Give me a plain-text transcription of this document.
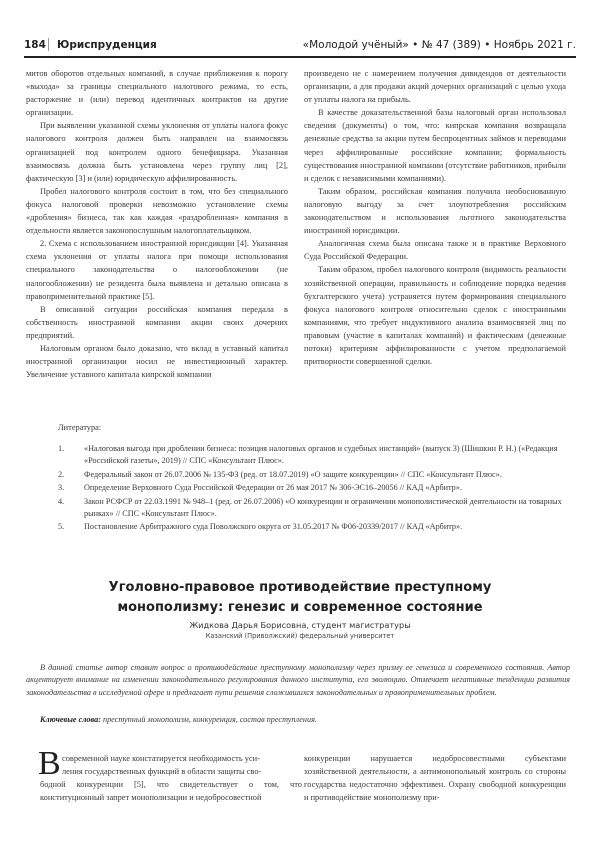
184 Юриспруденция	«Молодой учёный» • № 47 (389) • Ноябрь 2021 г.

митов оборотов отдельных компаний, в случае приближения к порогу «выхода» за границы специального налогового режима, то есть, расторжение и (или) перевод идентичных контрактов на другие организации.

При выявлении указанной схемы уклонения от уплаты налога фокус налогового контроля должен быть направлен на взаимосвязь организацией под контролем одного бенефициара. Указанная взаимосвязь должна быть установлена через группу лиц [2], фактическую [3] и (или) юридическую аффилированность.

Пробел налогового контроля состоит в том, что без специального фокуса налоговой проверки невозможно установление схемы «дробления» бизнеса, так как каждая «раздробленная» компания в отдельности является законопослушным налогоплательщиком.

2. Схема с использованием иностранной юрисдикции [4]. Указанная схема уклонения от уплаты налога при помощи использования специального законодательства о налогообложении (не налогообложении) не резидента была выявлена и детально описана в правоприменительной практике [5].

В описанной ситуации российская компания передала в собственность иностранной компании акции своих дочерних предприятий.

Налоговым органом было доказано, что вклад в уставный капитал иностранной организации носил не инвестиционный характер. Увеличение уставного капитала кипрской компании

произведено не с намерением получения дивидендов от деятельности организации, а для продажи акций дочерних организаций с целью ухода от уплаты налога на прибыль.

В качестве доказательственной базы налоговый орган использовал сведения (документы) о том, что: кипрская компания возвращала денежные средства за акции путем беспроцентных займов и переводами через аффилированные российские компании; формальность существования иностранной компании (отсутствие работников, прибыли и сделок с независимыми компаниями).

Таким образом, российская компания получила необоснованную налоговую выгоду за счет злоупотребления российским законодательством и использования льготного законодательства иностранной юрисдикции.

Аналогичная схема была описана также и в практике Верховного Суда Российской Федерации.

Таким образом, пробел налогового контроля (видимость реальности хозяйственной операции, правильность и соблюдение порядка ведения бухгалтерского учета) устраняется путем формирования специального фокуса налогового контроля относительно сделок с иностранными компаниями, что требует индуктивного анализа взаимосвязей лиц по правовым (участие в капиталах компаний) и фактическим (денежные потоки) критериям аффилированности с учетом предполагаемой притворности совершенной сделки.

Литература:
1. «Налоговая выгода при дроблении бизнеса: позиция налоговых органов и судебных инстанций» (выпуск 3) (Шишкин Р. Н.) («Редакция «Российской газеты», 2019) // СПС «Консультант Плюс».
2. Федеральный закон от 26.07.2006 № 135-ФЗ (ред. от 18.07.2019) «О защите конкуренции» // СПС «Консультант Плюс».
3. Определение Верховного Суда Российской Федерации от 26 мая 2017 № 306-ЭС16–20056 // КАД «Арбитр».
4. Закон РСФСР от 22.03.1991 № 948–1 (ред. от 26.07.2006) «О конкуренции и ограничении монополистической деятельности на товарных рынках» // СПС «Консультант Плюс».
5. Постановление Арбитражного суда Поволжского округа от 31.05.2017 № Ф06-20339/2017 // КАД «Арбитр».
Уголовно-правовое противодействие преступному
монополизму: генезис и современное состояние
Жидкова Дарья Борисовна, студент магистратуры
Казанский (Приволжский) федеральный университет

В данной статье автор ставит вопрос о противодействие преступному монополизму через призму ее генезиса и современного состояния. Автор акцентирует внимание на изменении законодательного регулирования данного института, его эволюцию. Отмечает негативные тенденции развития законодательства в исследуемой сфере и предлагает пути решения сложившихся законодательных и правоприменительных проблем.

Ключевые слова: преступный монополизм, конкуренция, состав преступления.
В современной науке констатируется необходимость уси-

ления государственных функций в области защиты сво-

бодной конкуренции [5], что свидетельствует о том, что конституционный запрет монополизации и недобросовестной

конкуренции нарушается недобросовестными субъектами хозяйственной деятельности, а антимонопольный контроль со стороны государства недостаточно эффективен. Охрану свободной конкуренции и противодействие монополизму при-
